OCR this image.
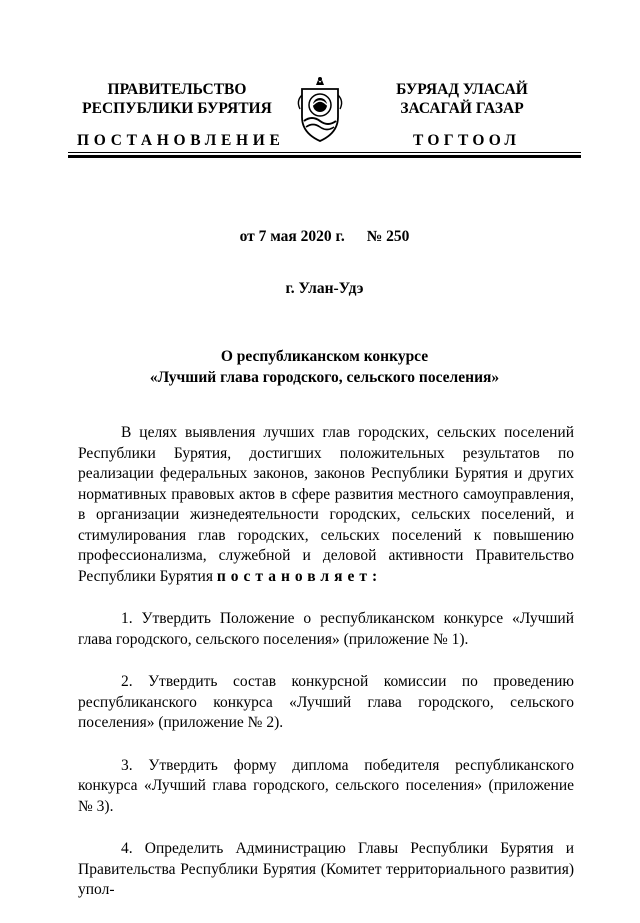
ПРАВИТЕЛЬСТВО
РЕСПУБЛИКИ БУРЯТИЯ
БУРЯАД УЛАСАЙ
ЗАСАГАЙ ГАЗАР
ПОСТАНОВЛЕНИЕ	ТОГТООЛ
от 7 мая 2020 г. № 250
г. Улан-Удэ
О республиканском конкурсе
«Лучший глава городского, сельского поселения»

В целях выявления лучших глав городских, сельских поселений Республики Бурятия, достигших положительных результатов по реализации федеральных законов, законов Республики Бурятия и других нормативных правовых актов в сфере развития местного самоуправления, в организации жизнедеятельности городских, сельских поселений, и стимулирования глав городских, сельских поселений к повышению профессионализма, служебной и деловой активности Правительство Республики Бурятия постановляет:

1. Утвердить Положение о республиканском конкурсе «Лучший глава городского, сельского поселения» (приложение № 1).

2. Утвердить состав конкурсной комиссии по проведению республиканского конкурса «Лучший глава городского, сельского поселения» (приложение № 2).

3. Утвердить форму диплома победителя республиканского конкурса «Лучший глава городского, сельского поселения» (приложение № 3).

4. Определить Администрацию Главы Республики Бурятия и Правительства Республики Бурятия (Комитет территориального развития) упол-
